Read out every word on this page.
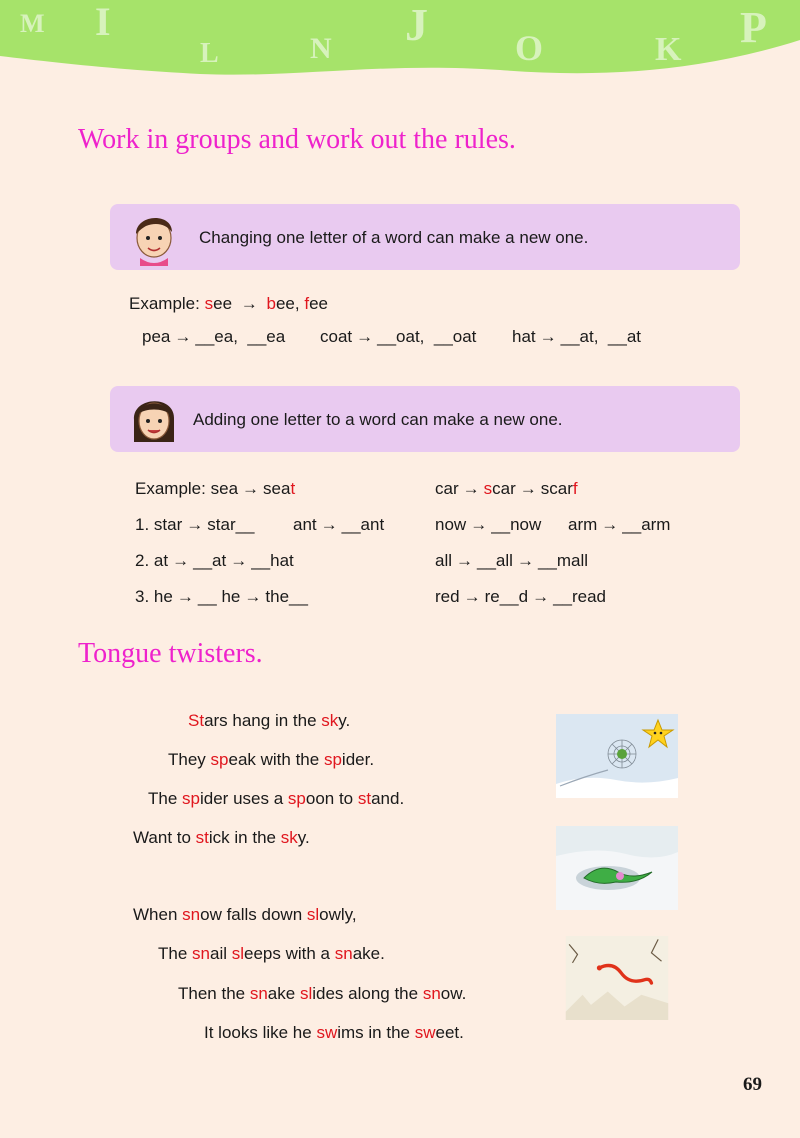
M I
L	N J O	K P
Work in groups and work out the rules.
Changing one letter of a word can make a new one.
Example: see → bee, fee
pea → __ea, __ea coat → __oat, __oat hat → __at, __at
Adding one letter to a word can make a new one.
Example: sea → seat
1. star → star__ ant → __ant
2. at → __at → __hat
3. he → __ he → the__
car → scar → scarf
now → __now arm → __arm
all → __all → __mall
red → re__d → __read
Tongue twisters.
Stars hang in the sky.
They speak with the spider.
The spider uses a spoon to stand.
Want to stick in the sky.
When snow falls down slowly,
The snail sleeps with a snake.
Then the snake slides along the snow.
It looks like he swims in the sweet.
69
